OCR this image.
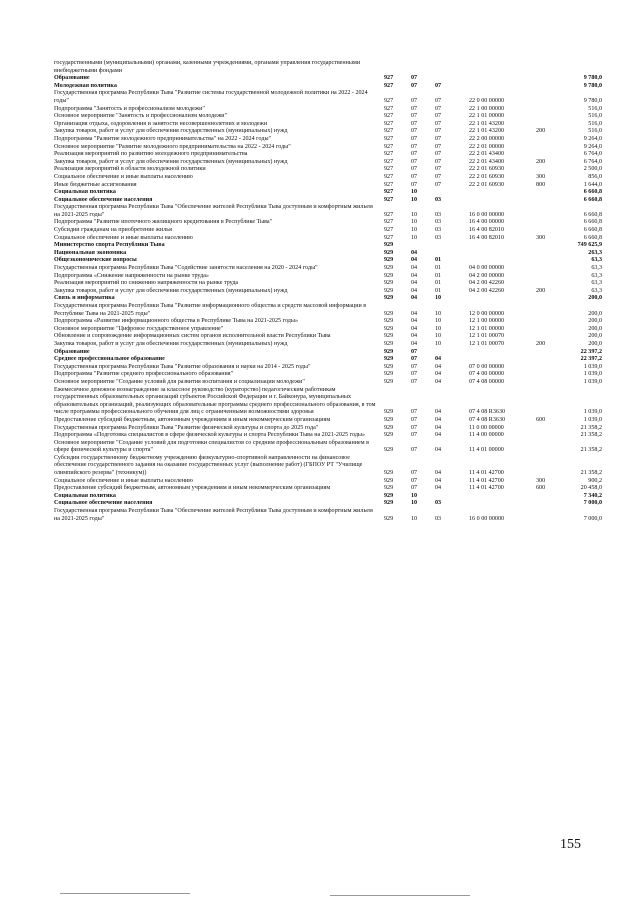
государственными (муниципальными) органами, казенными учреждениями, органами управления государственными внебюджетными фондами
Образование	927	07	9 780,0
Молодежная политика	927	07	07	9 780,0
Государственная программа Республики Тыва "Развитие системы государственной молодежной политики на 2022 - 2024 годы"	927	07	07	22 0 00 00000	9 780,0
Подпрограмма "Занятость и профессионализм молодежи"	927	07	07	22 1 00 00000	516,0
Основное мероприятие "Занятость и профессионализм молодежи"	927	07	07	22 1 01 00000	516,0
Организация отдыха, оздоровления и занятости несовершеннолетних и молодежи	927	07	07	22 1 01 43200	516,0
Закупка товаров, работ и услуг для обеспечения государственных (муниципальных) нужд	927	07	07	22 1 01 43200	200	516,0
Подпрограмма "Развитие молодежного предпринимательства" на 2022 - 2024 годы"	927	07	07	22 2 00 00000	9 264,0
Основное мероприятие "Развитие молодежного предпринимательства на 2022 - 2024 годы"	927	07	07	22 2 01 00000	9 264,0
Реализация мероприятий по развитию молодежного предпринимательства	927	07	07	22 2 01 43400	6 764,0
Закупка товаров, работ и услуг для обеспечения государственных (муниципальных) нужд	927	07	07	22 2 01 43400	200	6 764,0
Реализация мероприятий в области молодежной политики	927	07	07	22 2 01 60930	2 500,0
Социальное обеспечение и иные выплаты населению	927	07	07	22 2 01 60930	300	856,0
Иные бюджетные ассигнования	927	07	07	22 2 01 60930	800	1 644,0
Социальная политика	927	10	6 660,8
Социальное обеспечение населения	927	10	03	6 660,8
Государственная программа Республики Тыва "Обеспечение жителей Республики Тыва доступным и комфортным жильем на 2021-2025 годы"	927	10	03	16 0 00 00000	6 660,8
Подпрограмма "Развитие ипотечного жилищного кредитования в Республике Тыва"	927	10	03	16 4 00 00000	6 660,8
Субсидии гражданам на приобретение жилья	927	10	03	16 4 00 82010	6 660,8
Социальное обеспечение и иные выплаты населению	927	10	03	16 4 00 82010	300	6 660,8
Министерство спорта Республики Тыва	929	749 625,9
Национальная экономика	929	04	263,3
Общеэкономические вопросы	929	04	01	63,3
Государственная программа Республики Тыва "Содействие занятости населения на 2020 - 2024 годы"	929	04	01	04 0 00 00000	63,3
Подпрограмма «Снижение напряженности на рынке труда»	929	04	01	04 2 00 00000	63,3
Реализация мероприятий по снижению напряженности на рынке труда	929	04	01	04 2 00 42260	63,3
Закупка товаров, работ и услуг для обеспечения государственных (муниципальных) нужд	929	04	01	04 2 00 42260	200	63,3
Связь и информатика	929	04	10	200,0
Государственная программа Республики Тыва "Развитие информационного общества и средств массовой информации в Республике Тыва на 2021-2025 годы"	929	04	10	12 0 00 00000	200,0
Подпрограмма «Развитие информационного общества в Республике Тыва на 2021-2025 годы»	929	04	10	12 1 00 00000	200,0
Основное мероприятие "Цифровое государственное управление"	929	04	10	12 1 01 00000	200,0
Обновление и сопровождение информационных систем органов исполнительной власти Республики Тыва	929	04	10	12 1 01 00070	200,0
Закупка товаров, работ и услуг для обеспечения государственных (муниципальных) нужд	929	04	10	12 1 01 00070	200	200,0
Образование	929	07	22 397,2
Среднее профессиональное образование	929	07	04	22 397,2
Государственная программа Республики Тыва "Развитие образования и науки на 2014 - 2025 годы"	929	07	04	07 0 00 00000	1 039,0
Подпрограмма "Развитие среднего профессионального образования"	929	07	04	07 4 00 00000	1 039,0
Основное мероприятие "Создание условий для развития воспитания и социализации молодежи"	929	07	04	07 4 08 00000	1 039,0
Ежемесячное денежное вознаграждение за классное руководство (кураторство) педагогическим работникам государственных образовательных организаций субъектов Российской Федерации и г. Байконура, муниципальных образовательных организаций, реализующих образовательные программы среднего профессионального образования, в том числе программы профессионального обучения для лиц с ограниченными возможностями здоровья	929	07	04	07 4 08 R3630	1 039,0
Предоставление субсидий бюджетным, автономным учреждениям и иным некоммерческим организациям	929	07	04	07 4 08 R3630	600	1 039,0
Государственная программа Республики Тыва "Развитие физической культуры и спорта до 2025 года"	929	07	04	11 0 00 00000	21 358,2
Подпрограмма «Подготовка специалистов в сфере физической культуры и спорта Республики Тыва на 2021-2025 годы»	929	07	04	11 4 00 00000	21 358,2
Основное мероприятие "Создание условий для подготовки специалистов со средним профессиональным образованием в сфере физической культуры и спорта"	929	07	04	11 4 01 00000	21 358,2
Субсидии государственному бюджетному учреждению физкультурно-спортивной направленности на финансовое обеспечение государственного задания на оказание государственных услуг (выполнение работ) (ГБПОУ РТ "Училище олимпийского резерва" (техникум))	929	07	04	11 4 01 42700	21 358,2
Социальное обеспечение и иные выплаты населению	929	07	04	11 4 01 42700	300	900,2
Предоставление субсидий бюджетным, автономным учреждениям и иным некоммерческим организациям	929	07	04	11 4 01 42700	600	20 458,0
Социальная политика	929	10	7 340,2
Социальное обеспечение населения	929	10	03	7 000,0
Государственная программа Республики Тыва "Обеспечение жителей Республики Тыва доступным и комфортным жильем на 2021-2025 годы"	929	10	03	16 0 00 00000	7 000,0
155
